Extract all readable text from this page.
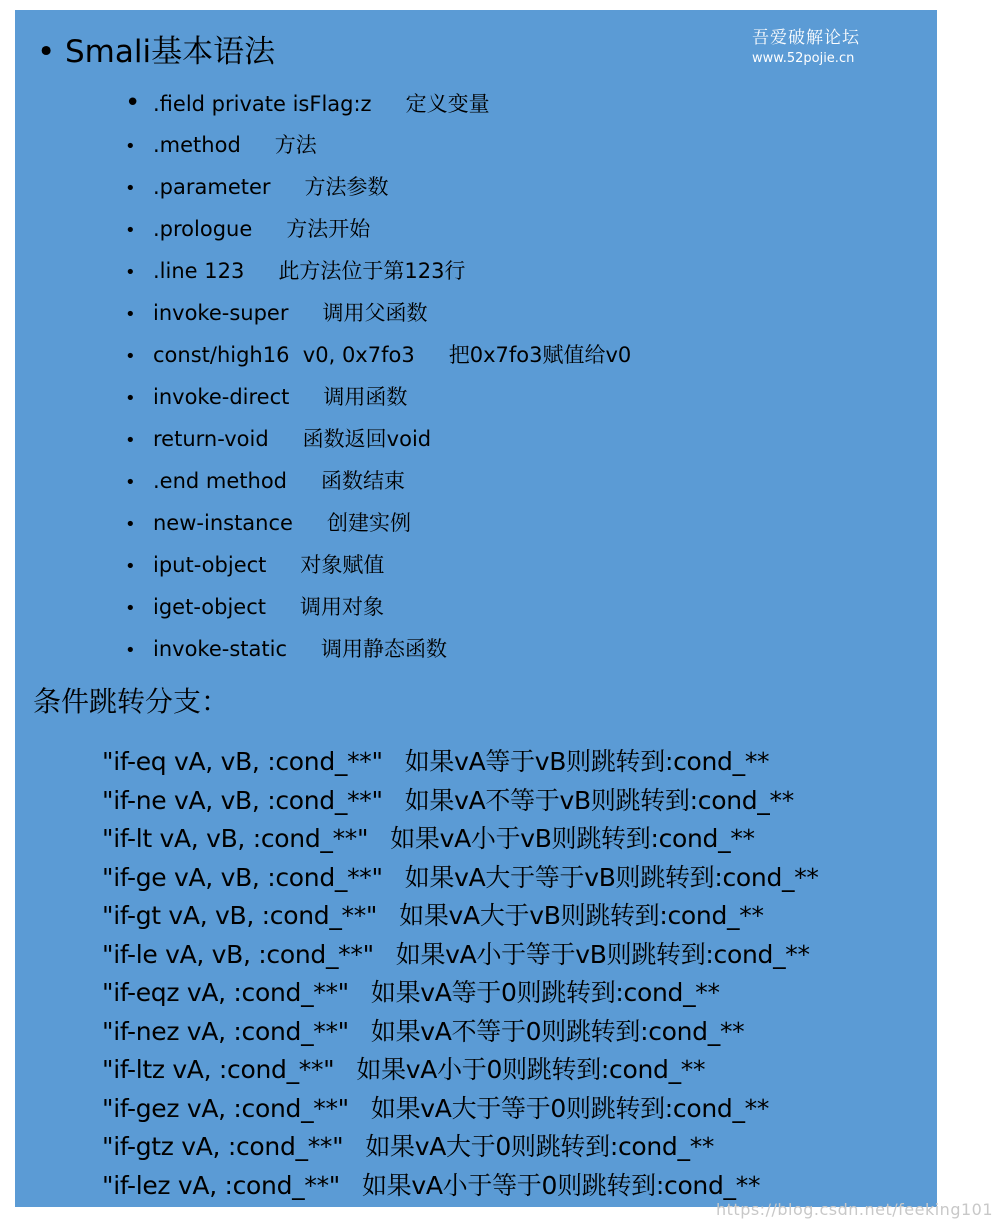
• Smali基本语法	吾爱破解论坛
www.52pojie.cn
• .field private isFlag:z 定义变量
• .method 方法
• .parameter 方法参数
• .prologue 方法开始
• .line 123 此方法位于第123行
• invoke-super 调用父函数
• const/high16  v0, 0x7fo3 把0x7fo3赋值给v0
• invoke-direct 调用函数
• return-void 函数返回void
• .end method 函数结束
• new-instance 创建实例
• iput-object 对象赋值
• iget-object 调用对象
• invoke-static 调用静态函数
条件跳转分支：
"if-eq vA, vB, :cond_**" 如果vA等于vB则跳转到:cond_**
"if-ne vA, vB, :cond_**" 如果vA不等于vB则跳转到:cond_**
"if-lt vA, vB, :cond_**" 如果vA小于vB则跳转到:cond_**
"if-ge vA, vB, :cond_**" 如果vA大于等于vB则跳转到:cond_**
"if-gt vA, vB, :cond_**" 如果vA大于vB则跳转到:cond_**
"if-le vA, vB, :cond_**" 如果vA小于等于vB则跳转到:cond_**
"if-eqz vA, :cond_**" 如果vA等于0则跳转到:cond_**
"if-nez vA, :cond_**" 如果vA不等于0则跳转到:cond_**
"if-ltz vA, :cond_**" 如果vA小于0则跳转到:cond_**
"if-gez vA, :cond_**" 如果vA大于等于0则跳转到:cond_**
"if-gtz vA, :cond_**" 如果vA大于0则跳转到:cond_**
"if-lez vA, :cond_**" 如果vA小于等于0则跳转到:cond_**
https://blog.csdn.net/feeking101
